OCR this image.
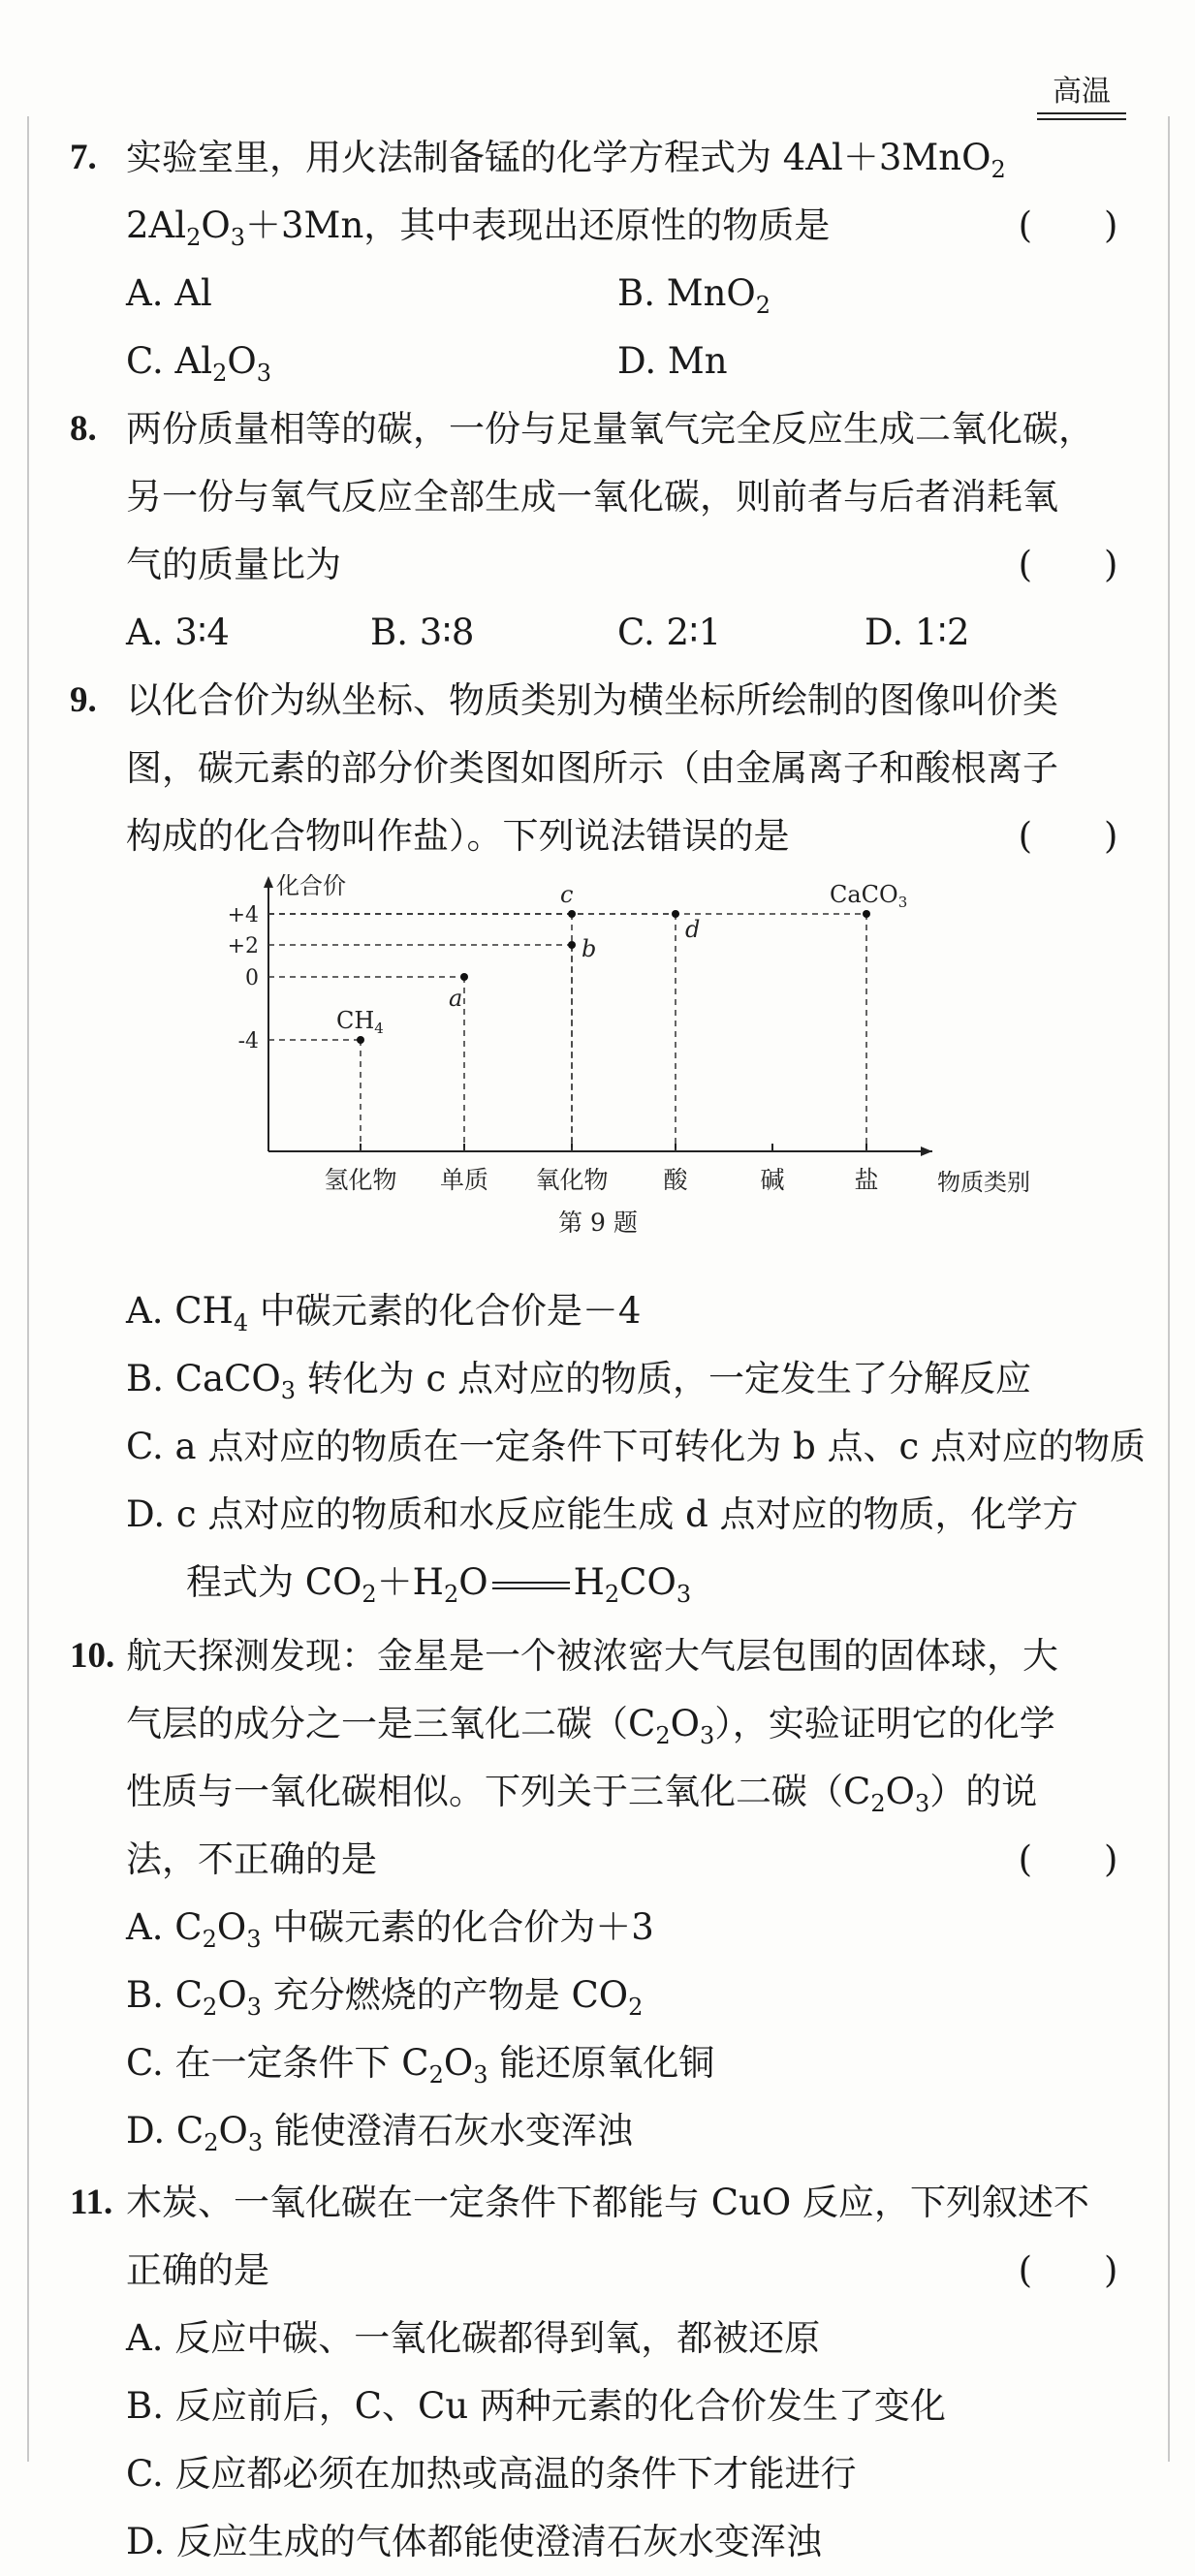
7. 实验室里，用火法制备锰的化学方程式为 4Al＋3MnO$_2$
高温
$2Al_2O_3+3Mn$，其中表现出还原性的物质是	(　　)
A. Al	B. MnO$_2$
C. $Al_2O_3$	D. Mn
8. 两份质量相等的碳，一份与足量氧气完全反应生成二氧化碳，
另一份与氧气反应全部生成一氧化碳，则前者与后者消耗氧
气的质量比为	(　　)
A. 3∶4	B. 3∶8	C. 2∶1	D. 1∶2
9. 以化合价为纵坐标、物质类别为横坐标所绘制的图像叫价类
图，碳元素的部分价类图如图所示（由金属离子和酸根离子
构成的化合物叫作盐）。下列说法错误的是	(　　)
化合价
物质类别
+4
+2
0
-4
氢化物 单质 氧化物 酸	碱	盐
$CH_4$
a
b
c
d
CaCO$_3$
第 9 题
A. $CH_4$ 中碳元素的化合价是－4
B. CaCO$_3$ 转化为 c 点对应的物质，一定发生了分解反应
C. a 点对应的物质在一定条件下可转化为 b 点、c 点对应的物质
D. c 点对应的物质和水反应能生成 d 点对应的物质，化学方
程式为 $CO_2+H_2O$ $H_2CO_3$
10. 航天探测发现：金星是一个被浓密大气层包围的固体球，大
气层的成分之一是三氧化二碳$(C_2O_3)$，实验证明它的化学
性质与一氧化碳相似。下列关于三氧化二碳$(C_2O_3)$的说
法，不正确的是	(　　)
A. $C_2O_3$ 中碳元素的化合价为＋3
B. $C_2O_3$ 充分燃烧的产物是 $CO_2$
C. 在一定条件下 $C_2O_3$ 能还原氧化铜
D. $C_2O_3$ 能使澄清石灰水变浑浊
11. 木炭、一氧化碳在一定条件下都能与 CuO 反应，下列叙述不
正确的是	(　　)
A. 反应中碳、一氧化碳都得到氧，都被还原
B. 反应前后，C、Cu 两种元素的化合价发生了变化
C. 反应都必须在加热或高温的条件下才能进行
D. 反应生成的气体都能使澄清石灰水变浑浊
